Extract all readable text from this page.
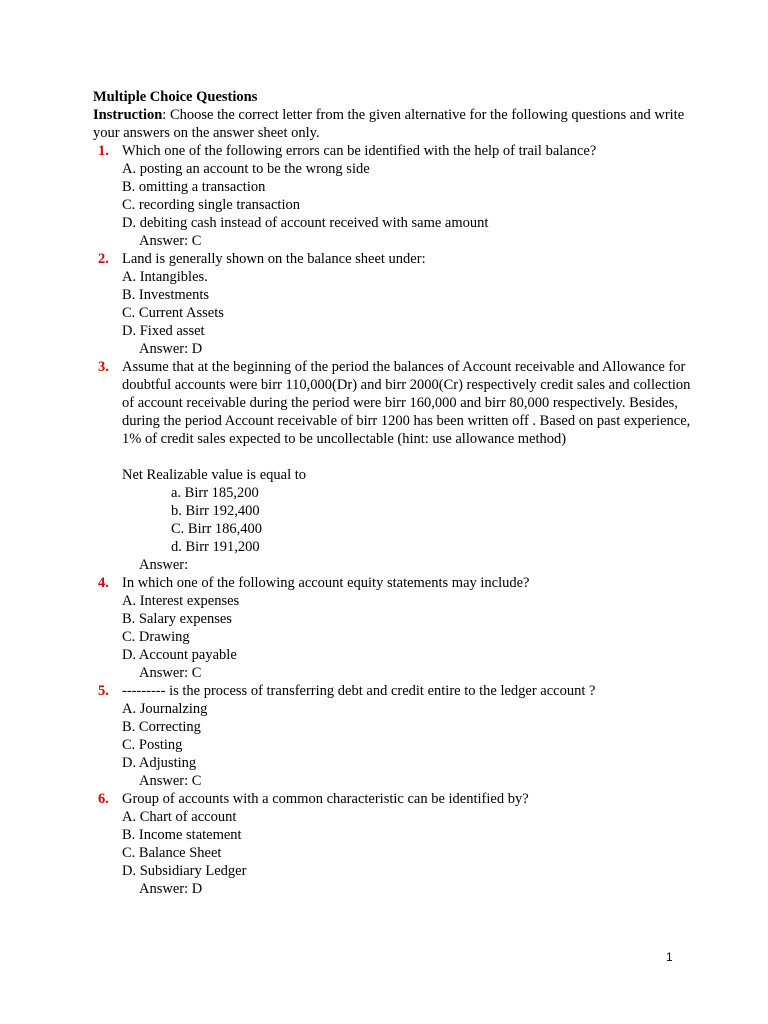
Multiple Choice Questions
Instruction: Choose the correct letter from the given alternative for the following questions and write your answers on the answer sheet only.
1. Which one of the following errors can be identified with the help of trail balance?
A. posting an account to be the wrong side
B. omitting a transaction
C. recording single transaction
D. debiting cash instead of account received with same amount
Answer: C
2. Land is generally shown on the balance sheet under:
A. Intangibles.
B. Investments
C. Current Assets
D. Fixed asset
Answer: D
3. Assume that at the beginning of the period the balances of Account receivable and Allowance for doubtful accounts were birr 110,000(Dr) and birr 2000(Cr) respectively credit sales and collection of account receivable during the period were birr 160,000 and birr 80,000 respectively. Besides, during the period Account receivable of birr 1200 has been written off . Based on past experience, 1% of credit sales expected to be uncollectable (hint: use allowance method)
Net Realizable value is equal to
a. Birr 185,200
b. Birr 192,400
C. Birr 186,400
d. Birr 191,200
Answer:
4. In which one of the following account equity statements may include?
A. Interest expenses
B. Salary expenses
C. Drawing
D. Account payable
Answer: C
5. --------- is the process of transferring debt and credit entire to the ledger account ?
A. Journalzing
B. Correcting
C. Posting
D. Adjusting
Answer: C
6. Group of accounts with a common characteristic can be identified by?
A. Chart of account
B. Income statement
C. Balance Sheet
D. Subsidiary Ledger
Answer: D
1
